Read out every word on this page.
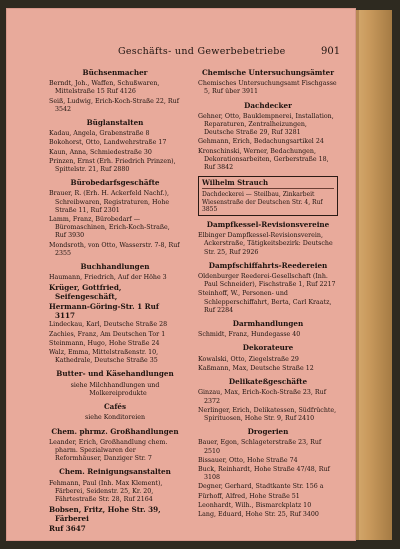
Geschäfts- und Gewerbebetriebe	901
Büchsenmacher
Berndt, Joh., Waffen, Schußwaren, Mittelstraße 15 Ruf 4126
Seiß, Ludwig, Erich-Koch-Straße 22, Ruf 3542
Büglanstalten
Kadau, Angela, Grabenstraße 8
Bokohorst, Otto, Landwehrstraße 17
Kaun, Anna, Schmiedestraße 30
Prinzen, Ernst (Erh. Friedrich Prinzen), Spittelstr. 21, Ruf 2880
Bürobedarfsgeschäfte
Brauer, R. (Erh. H. Ackerfeld Nachf.), Schreibwaren, Registraturen, Hohe Straße 11, Ruf 2301
Lamm, Franz, Bürobedarf — Büromaschinen, Erich-Koch-Straße, Ruf 3930
Mondsroth, von Otto, Wasserstr. 7-8, Ruf 2355
Buchhandlungen
Haumann, Friedrich, Auf der Höhe 3
Krüger, Gottfried, Seifengeschäft,
Hermann-Göring-Str. 1 Ruf 3117
Lindeckau, Karl, Deutsche Straße 28
Zachies, Franz, Am Deutschen Tor 1
Steinmann, Hugo, Hohe Straße 24
Walz, Emma, Mittelstraßenstr. 10, Kathedrale, Deutsche Straße 35
Butter- und Käsehandlungen
siehe Milchhandlungen und Molkereiprodukte
Cafés
siehe Konditoreien
Chem. phrmz. Großhandlungen
Leander, Erich, Großhandlung chem. pharm. Spezialwaren der Reformhäuser, Danziger Str. 7
Chem. Reinigungsanstalten
Fehmann, Paul (Inh. Max Klement), Färberei, Seidenstr. 25, Kr. 20, Fährtestraße Str. 28, Ruf 2164
Bobsen, Fritz, Hohe Str. 39, Färberei
Ruf 3647
Chemische Untersuchungsämter
Chemisches Untersuchungsamt Fischgasse 5, Ruf über 3911
Dachdecker
Gehner, Otto, Bauklempnerei, Installation, Reparaturen, Zentralheizungen, Deutsche Straße 29, Ruf 3281
Gehmann, Erich, Bedachungsartikel 24
Kronschinski, Werner, Bedachungen, Dekorationsarbeiten, Gerberstraße 18, Ruf 3842
Wilhelm Strauch
Dachdeckerei — Steilbau, Zinkarbeit
Wiesenstraße der Deutschen Str. 4, Ruf 3855
Dampfkessel-Revisionsvereine
Elbinger Dampfkessel-Revisionsverein, Ackerstraße, Tätigkeitsbezirk: Deutsche Str. 25, Ruf 2926
Dampfschiffahrts-Reedereien
Oldenburger Reederei-Gesellschaft (Inh. Paul Schneider), Fischstraße 1, Ruf 2217
Steinhoff, W., Personen- und Schlepperschiffahrt, Berta, Carl Kraatz, Ruf 2284
Darmhandlungen
Schmidt, Franz, Hundegasse 40
Dekorateure
Kowalski, Otto, Ziegelstraße 29
Kaßmann, Max, Deutsche Straße 12
Delikateßgeschäfte
Ginzau, Max, Erich-Koch-Straße 23, Ruf 2372
Nerlinger, Erich, Delikatessen, Südfrüchte, Spirituosen, Hohe Str. 9, Ruf 2410
Drogerien
Bauer, Egon, Schlageterstraße 23, Ruf 2510
Bissauer, Otto, Hohe Straße 74
Buck, Reinhardt, Hohe Straße 47/48, Ruf 3108
Degner, Gerhard, Stadtkante Str. 156 a
Fürhoff, Alfred, Hohe Straße 51
Leonhardt, Wilh., Bismarckplatz 10
Lang, Eduard, Hohe Str. 25, Ruf 3400
